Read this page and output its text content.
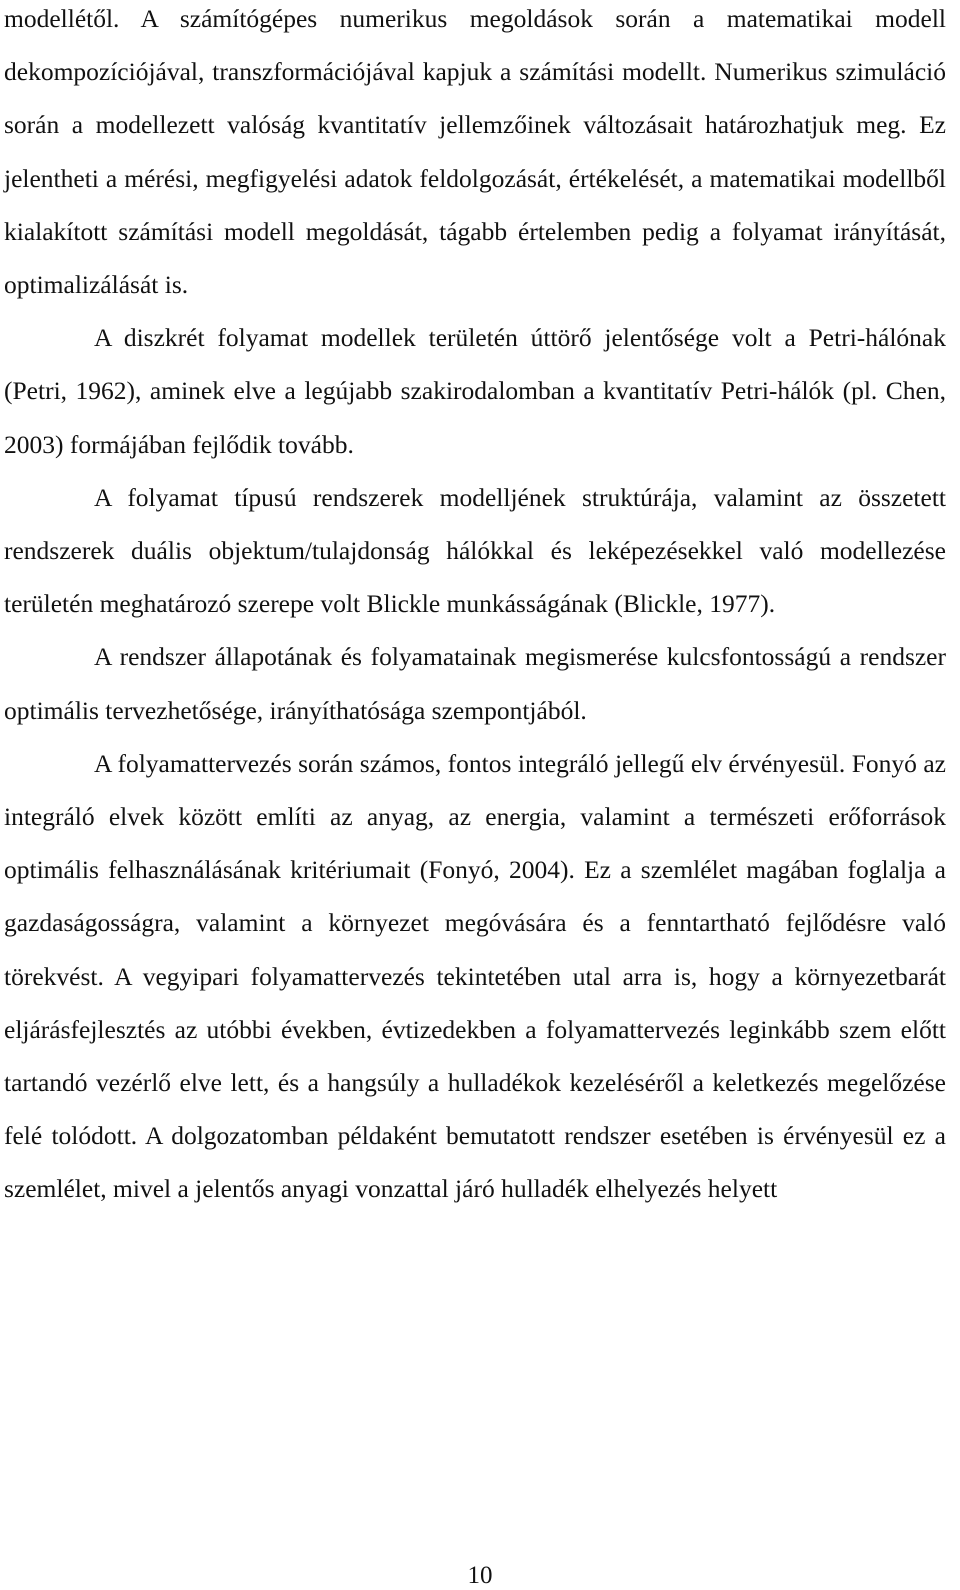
modellétől. A számítógépes numerikus megoldások során a matematikai modell dekompozíciójával, transzformációjával kapjuk a számítási modellt. Numerikus szimuláció során a modellezett valóság kvantitatív jellemzőinek változásait határozhatjuk meg. Ez jelentheti a mérési, megfigyelési adatok feldolgozását, értékelését, a matematikai modellből kialakított számítási modell megoldását, tágabb értelemben pedig a folyamat irányítását, optimalizálását is.

A diszkrét folyamat modellek területén úttörő jelentősége volt a Petri-hálónak (Petri, 1962), aminek elve a legújabb szakirodalomban a kvantitatív Petri-hálók (pl. Chen, 2003) formájában fejlődik tovább.

A folyamat típusú rendszerek modelljének struktúrája, valamint az összetett rendszerek duális objektum/tulajdonság hálókkal és leképezésekkel való modellezése területén meghatározó szerepe volt Blickle munkásságának (Blickle, 1977).

A rendszer állapotának és folyamatainak megismerése kulcsfontosságú a rendszer optimális tervezhetősége, irányíthatósága szempontjából.

A folyamattervezés során számos, fontos integráló jellegű elv érvényesül. Fonyó az integráló elvek között említi az anyag, az energia, valamint a természeti erőforrások optimális felhasználásának kritériumait (Fonyó, 2004). Ez a szemlélet magában foglalja a gazdaságosságra, valamint a környezet megóvására és a fenntartható fejlődésre való törekvést. A vegyipari folyamattervezés tekintetében utal arra is, hogy a környezetbarát eljárásfejlesztés az utóbbi években, évtizedekben a folyamattervezés leginkább szem előtt tartandó vezérlő elve lett, és a hangsúly a hulladékok kezeléséről a keletkezés megelőzése felé tolódott. A dolgozatomban példaként bemutatott rendszer esetében is érvényesül ez a szemlélet, mivel a jelentős anyagi vonzattal járó hulladék elhelyezés helyett

10
